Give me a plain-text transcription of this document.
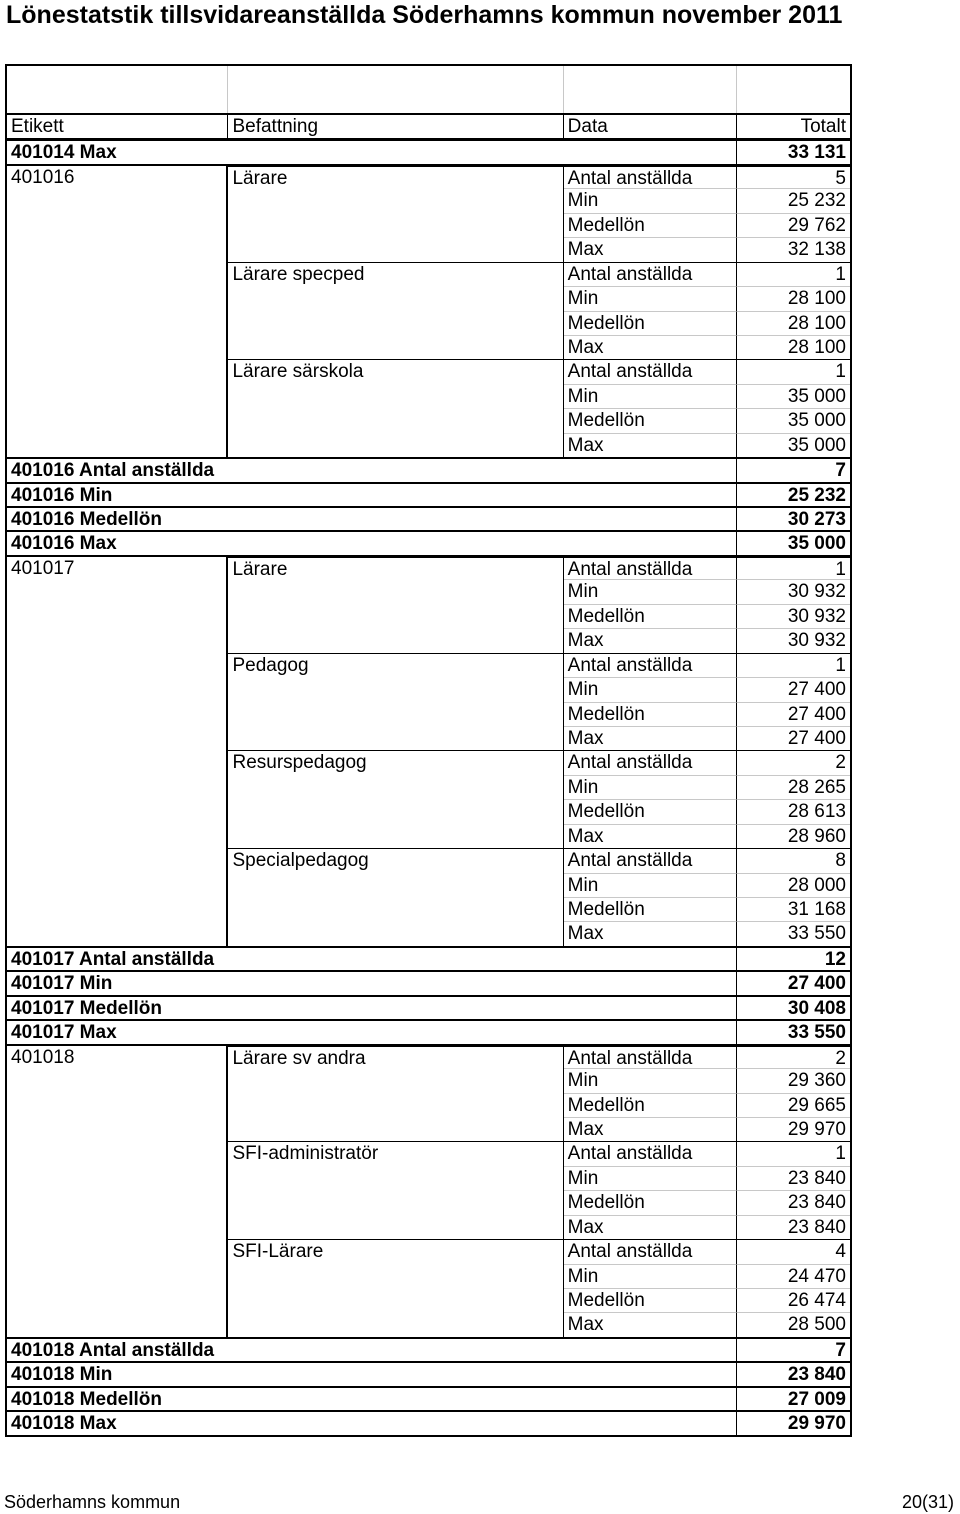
Lönestatstik tillsvidareanställda Söderhamns kommun november 2011
Etikett	Befattning	Data	Totalt
401014 Max	33 131
401016	Lärare	Antal anställda	5
Min	25 232
Medellön	29 762
Max	32 138
Lärare specped	Antal anställda	1
Min	28 100
Medellön	28 100
Max	28 100
Lärare särskola	Antal anställda	1
Min	35 000
Medellön	35 000
Max	35 000
401016 Antal anställda	7
401016 Min	25 232
401016 Medellön	30 273
401016 Max	35 000
401017	Lärare	Antal anställda	1
Min	30 932
Medellön	30 932
Max	30 932
Pedagog	Antal anställda	1
Min	27 400
Medellön	27 400
Max	27 400
Resurspedagog	Antal anställda	2
Min	28 265
Medellön	28 613
Max	28 960
Specialpedagog	Antal anställda	8
Min	28 000
Medellön	31 168
Max	33 550
401017 Antal anställda	12
401017 Min	27 400
401017 Medellön	30 408
401017 Max	33 550
401018	Lärare sv andra	Antal anställda	2
Min	29 360
Medellön	29 665
Max	29 970
SFI-administratör	Antal anställda	1
Min	23 840
Medellön	23 840
Max	23 840
SFI-Lärare	Antal anställda	4
Min	24 470
Medellön	26 474
Max	28 500
401018 Antal anställda	7
401018 Min	23 840
401018 Medellön	27 009
401018 Max	29 970
Söderhamns kommun	20(31)
